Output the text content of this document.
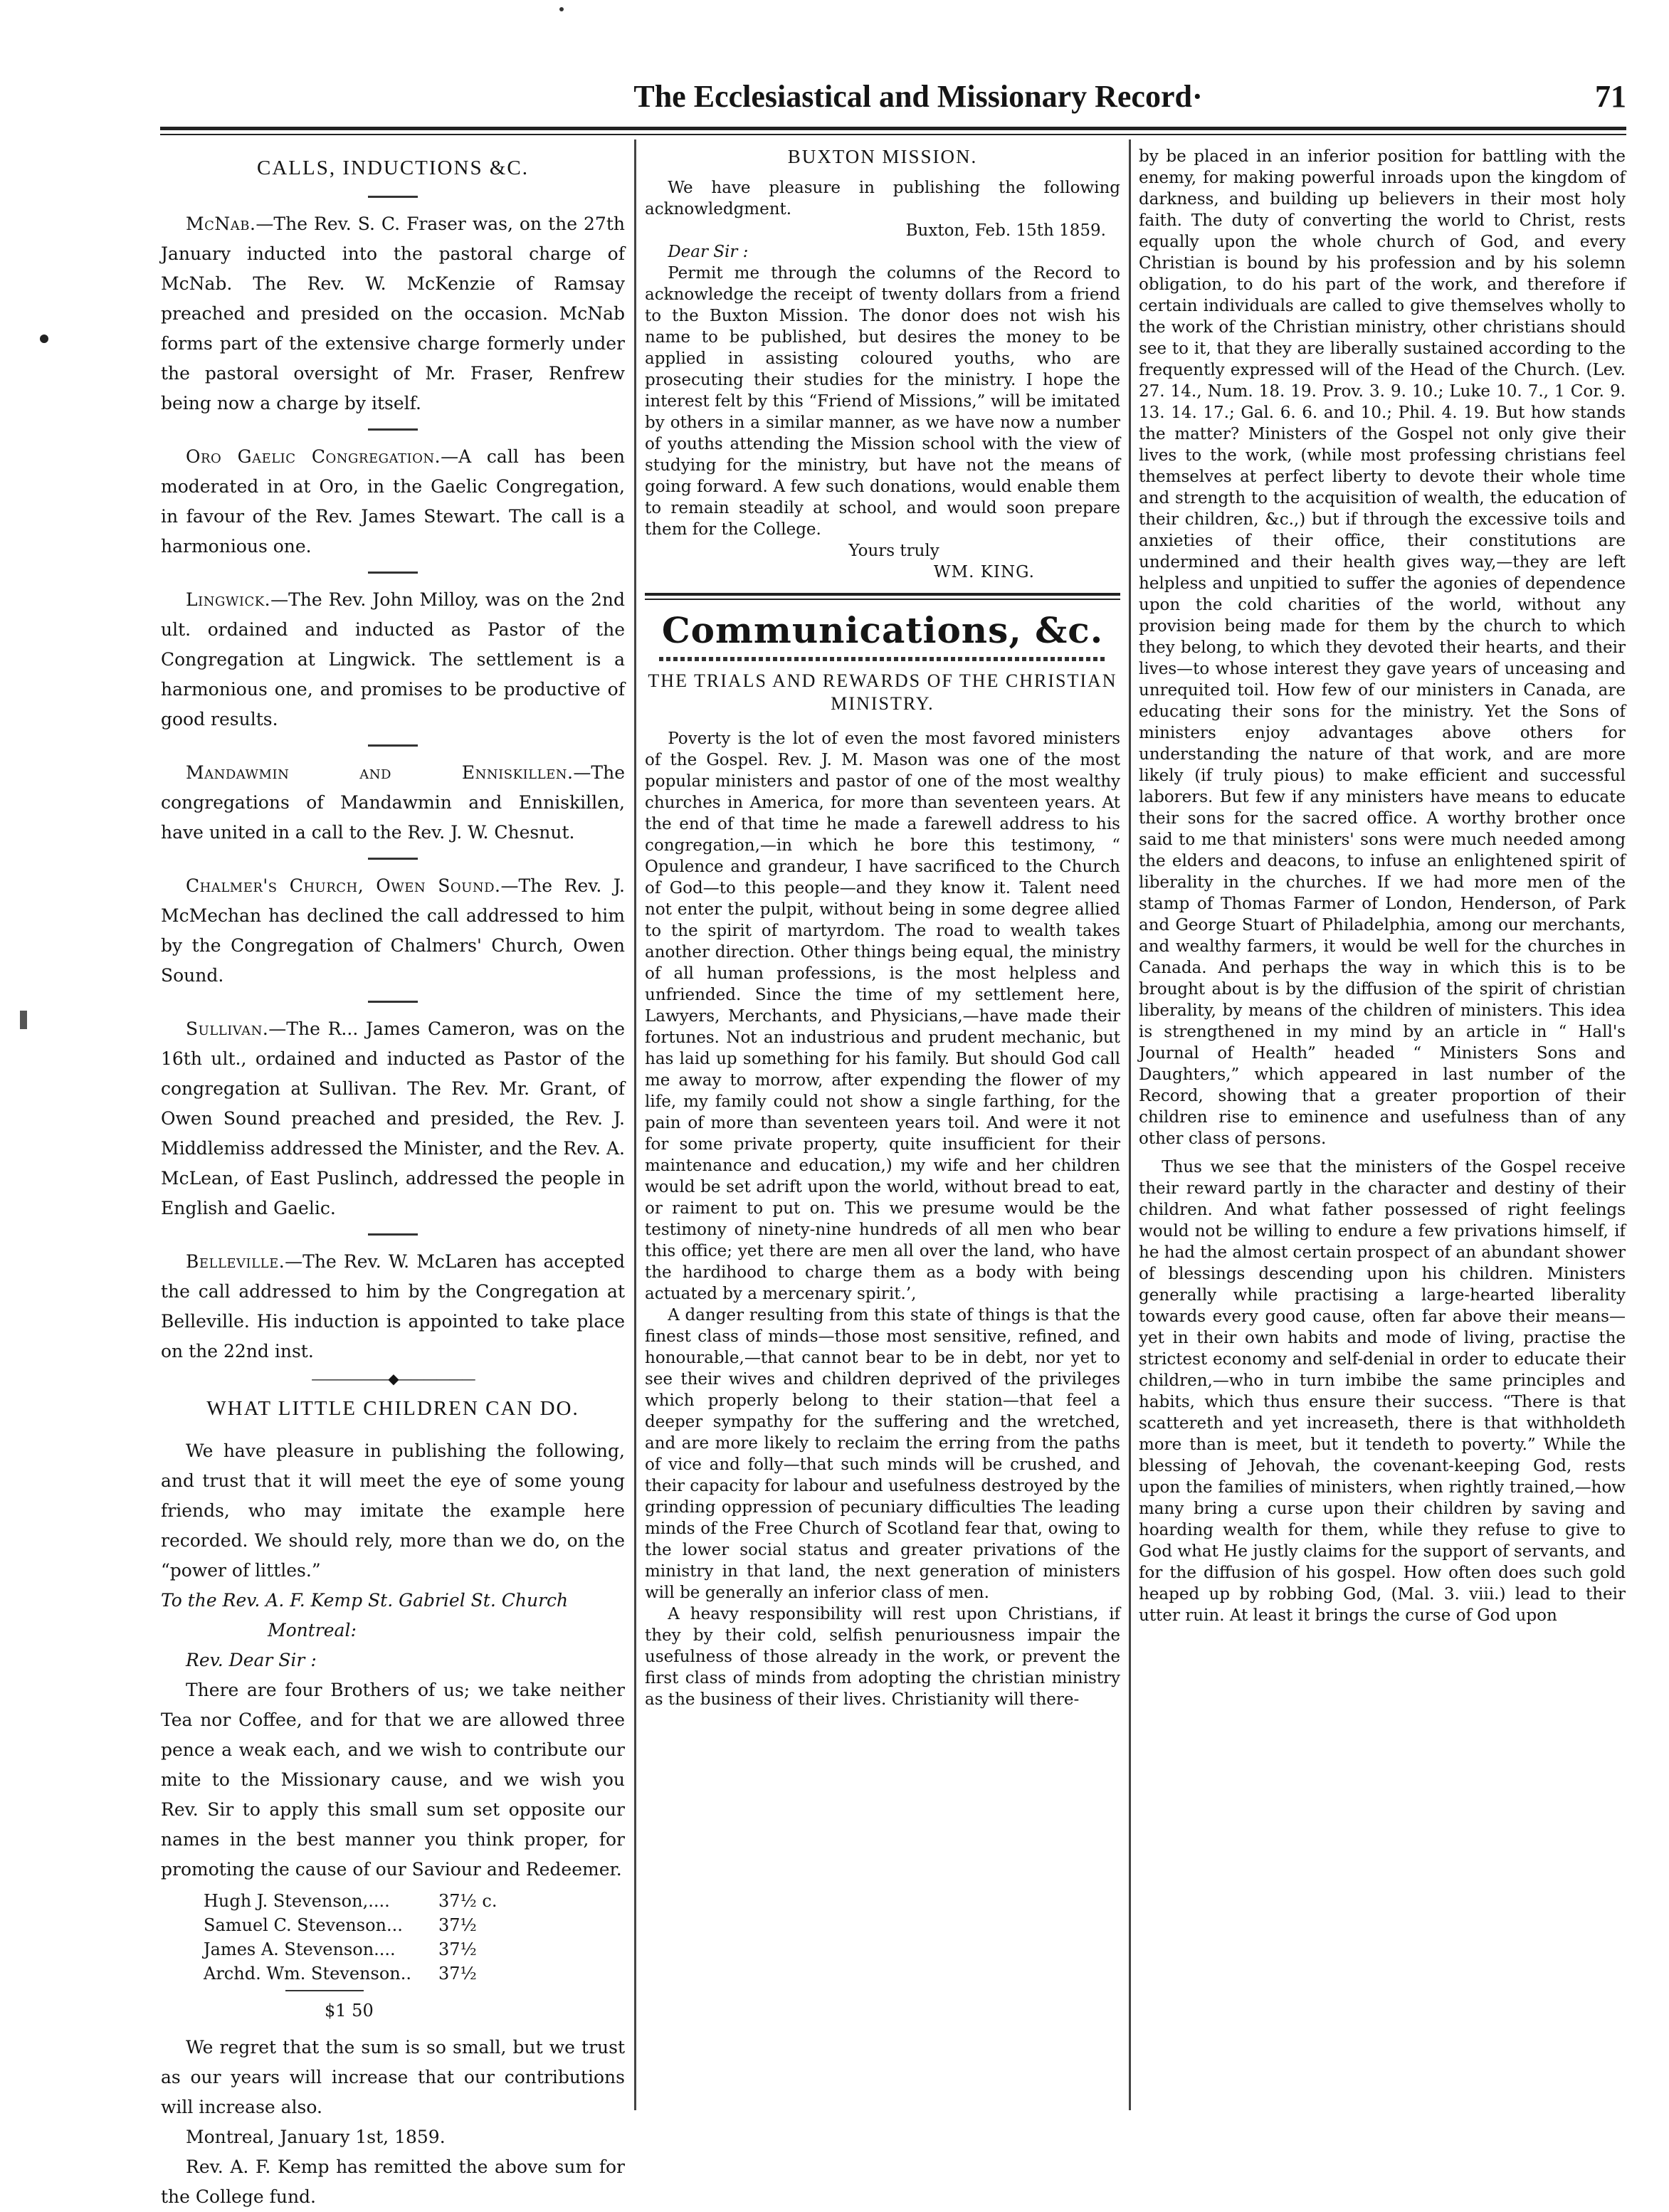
The Ecclesiastical and Missionary Record·	71
CALLS, INDUCTIONS &C.

McNab.—The Rev. S. C. Fraser was, on the 27th January inducted into the pastoral charge of McNab. The Rev. W. McKenzie of Ramsay preached and presided on the occasion. McNab forms part of the extensive charge formerly under the pastoral oversight of Mr. Fraser, Renfrew being now a charge by itself.

Oro Gaelic Congregation.—A call has been moderated in at Oro, in the Gaelic Congregation, in favour of the Rev. James Stewart. The call is a harmonious one.

Lingwick.—The Rev. John Milloy, was on the 2nd ult. ordained and inducted as Pastor of the Congregation at Lingwick. The settlement is a harmonious one, and promises to be productive of good results.

Mandawmin and Enniskillen.—The congregations of Mandawmin and Enniskillen, have united in a call to the Rev. J. W. Chesnut.

Chalmer's Church, Owen Sound.—The Rev. J. McMechan has declined the call addressed to him by the Congregation of Chalmers' Church, Owen Sound.

Sullivan.—The R... James Cameron, was on the 16th ult., ordained and inducted as Pastor of the congregation at Sullivan. The Rev. Mr. Grant, of Owen Sound preached and presided, the Rev. J. Middlemiss addressed the Minister, and the Rev. A. McLean, of East Puslinch, addressed the people in English and Gaelic.

Belleville.—The Rev. W. McLaren has accepted the call addressed to him by the Congregation at Belleville. His induction is appointed to take place on the 22nd inst.

——————◆——————
WHAT LITTLE CHILDREN CAN DO.

We have pleasure in publishing the following, and trust that it will meet the eye of some young friends, who may imitate the example here recorded. We should rely, more than we do, on the “power of littles.”

To the Rev. A. F. Kemp St. Gabriel St. Church

Montreal:

Rev. Dear Sir :

There are four Brothers of us; we take neither Tea nor Coffee, and for that we are allowed three pence a weak each, and we wish to contribute our mite to the Missionary cause, and we wish you Rev. Sir to apply this small sum set opposite our names in the best manner you think proper, for promoting the cause of our Saviour and Redeemer.

Hugh J. Stevenson,....	37½ c.
Samuel C. Stevenson...	37½
James A. Stevenson....	37½
Archd. Wm. Stevenson..	37½
$1 50

We regret that the sum is so small, but we trust as our years will increase that our contributions will increase also.

Montreal, January 1st, 1859.

Rev. A. F. Kemp has remitted the above sum for the College fund.

BUXTON MISSION.

We have pleasure in publishing the following acknowledgment.

Buxton, Feb. 15th 1859.

Dear Sir :

Permit me through the columns of the Record to acknowledge the receipt of twenty dollars from a friend to the Buxton Mission. The donor does not wish his name to be published, but desires the money to be applied in assisting coloured youths, who are prosecuting their studies for the ministry. I hope the interest felt by this “Friend of Missions,” will be imitated by others in a similar manner, as we have now a number of youths attending the Mission school with the view of studying for the ministry, but have not the means of going forward. A few such donations, would enable them to remain steadily at school, and would soon prepare them for the College.

Yours truly

WM. KING.

Communications, &c.
THE TRIALS AND REWARDS OF THE CHRISTIAN MINISTRY.

Poverty is the lot of even the most favored ministers of the Gospel. Rev. J. M. Mason was one of the most popular ministers and pastor of one of the most wealthy churches in America, for more than seventeen years. At the end of that time he made a farewell address to his congregation,—in which he bore this testimony, “ Opulence and grandeur, I have sacrificed to the Church of God—to this people—and they know it. Talent need not enter the pulpit, without being in some degree allied to the spirit of martyrdom. The road to wealth takes another direction. Other things being equal, the ministry of all human professions, is the most helpless and unfriended. Since the time of my settlement here, Lawyers, Merchants, and Physicians,—have made their fortunes. Not an industrious and prudent mechanic, but has laid up something for his family. But should God call me away to morrow, after expending the flower of my life, my family could not show a single farthing, for the pain of more than seventeen years toil. And were it not for some private property, quite insufficient for their maintenance and education,) my wife and her children would be set adrift upon the world, without bread to eat, or raiment to put on. This we presume would be the testimony of ninety-nine hundreds of all men who bear this office; yet there are men all over the land, who have the hardihood to charge them as a body with being actuated by a mercenary spirit.’,

A danger resulting from this state of things is that the finest class of minds—those most sensitive, refined, and honourable,—that cannot bear to be in debt, nor yet to see their wives and children deprived of the privileges which properly belong to their station—that feel a deeper sympathy for the suffering and the wretched, and are more likely to reclaim the erring from the paths of vice and folly—that such minds will be crushed, and their capacity for labour and usefulness destroyed by the grinding oppression of pecuniary difficulties The leading minds of the Free Church of Scotland fear that, owing to the lower social status and greater privations of the ministry in that land, the next generation of ministers will be generally an inferior class of men.

A heavy responsibility will rest upon Christians, if they by their cold, selfish penuriousness impair the usefulness of those already in the work, or prevent the first class of minds from adopting the christian ministry as the business of their lives. Christianity will there-

by be placed in an inferior position for battling with the enemy, for making powerful inroads upon the kingdom of darkness, and building up believers in their most holy faith. The duty of converting the world to Christ, rests equally upon the whole church of God, and every Christian is bound by his profession and by his solemn obligation, to do his part of the work, and therefore if certain individuals are called to give themselves wholly to the work of the Christian ministry, other christians should see to it, that they are liberally sustained according to the frequently expressed will of the Head of the Church. (Lev. 27. 14., Num. 18. 19. Prov. 3. 9. 10.; Luke 10. 7., 1 Cor. 9. 13. 14. 17.; Gal. 6. 6. and 10.; Phil. 4. 19. But how stands the matter? Ministers of the Gospel not only give their lives to the work, (while most professing christians feel themselves at perfect liberty to devote their whole time and strength to the acquisition of wealth, the education of their children, &c.,) but if through the excessive toils and anxieties of their office, their constitutions are undermined and their health gives way,—they are left helpless and unpitied to suffer the agonies of dependence upon the cold charities of the world, without any provision being made for them by the church to which they belong, to which they devoted their hearts, and their lives—to whose interest they gave years of unceasing and unrequited toil. How few of our ministers in Canada, are educating their sons for the ministry. Yet the Sons of ministers enjoy advantages above others for understanding the nature of that work, and are more likely (if truly pious) to make efficient and successful laborers. But few if any ministers have means to educate their sons for the sacred office. A worthy brother once said to me that ministers' sons were much needed among the elders and deacons, to infuse an enlightened spirit of liberality in the churches. If we had more men of the stamp of Thomas Farmer of London, Henderson, of Park and George Stuart of Philadelphia, among our merchants, and wealthy farmers, it would be well for the churches in Canada. And perhaps the way in which this is to be brought about is by the diffusion of the spirit of christian liberality, by means of the children of ministers. This idea is strengthened in my mind by an article in “ Hall's Journal of Health” headed “ Ministers Sons and Daughters,” which appeared in last number of the Record, showing that a greater proportion of their children rise to eminence and usefulness than of any other class of persons.

Thus we see that the ministers of the Gospel receive their reward partly in the character and destiny of their children. And what father possessed of right feelings would not be willing to endure a few privations himself, if he had the almost certain prospect of an abundant shower of blessings descending upon his children. Ministers generally while practising a large-hearted liberality towards every good cause, often far above their means—yet in their own habits and mode of living, practise the strictest economy and self-denial in order to educate their children,—who in turn imbibe the same principles and habits, which thus ensure their success. “There is that scattereth and yet increaseth, there is that withholdeth more than is meet, but it tendeth to poverty.” While the blessing of Jehovah, the covenant-keeping God, rests upon the families of ministers, when rightly trained,—how many bring a curse upon their children by saving and hoarding wealth for them, while they refuse to give to God what He justly claims for the support of servants, and for the diffusion of his gospel. How often does such gold heaped up by robbing God, (Mal. 3. viii.) lead to their utter ruin. At least it brings the curse of God upon
